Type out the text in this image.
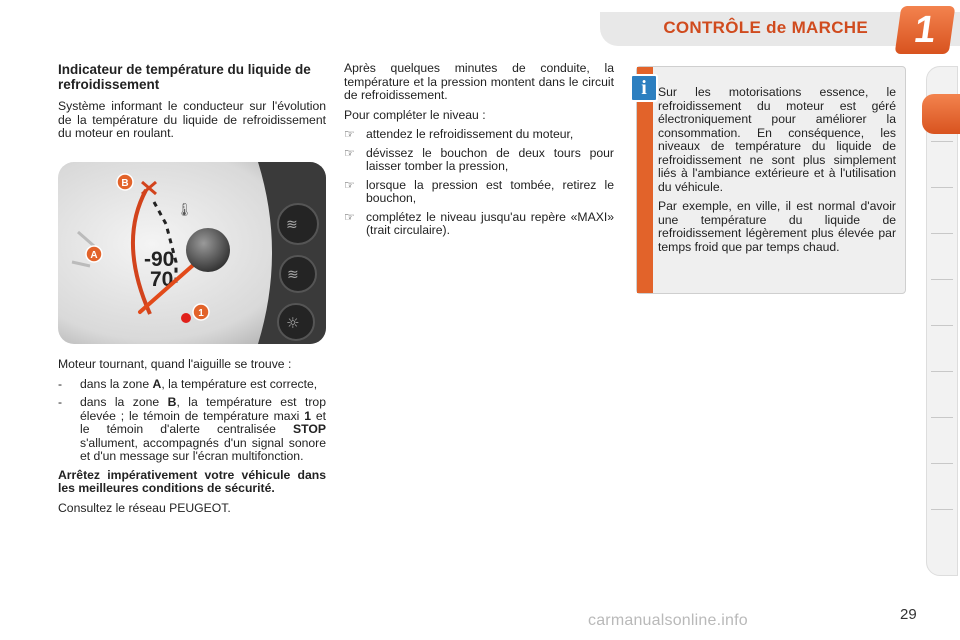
CONTRÔLE de MARCHE	1
Indicateur de température du liquide de refroidissement

Système informant le conducteur sur l'évolution de la température du liquide de refroidissement du moteur en roulant.

≋
≋
☼
🌡
-90
70
B
A
1

Moteur tournant, quand l'aiguille se trouve :

-	dans la zone A, la température est correcte,
-	dans la zone B, la température est trop élevée ; le témoin de température maxi 1 et le témoin d'alerte centralisée STOP s'allument, accompagnés d'un signal sonore et d'un message sur l'écran multifonction.

Arrêtez impérativement votre véhicule dans les meilleures conditions de sécurité.

Consultez le réseau PEUGEOT.

Après quelques minutes de conduite, la température et la pression montent dans le circuit de refroidissement.

Pour compléter le niveau :

☞ attendez le refroidissement du moteur,
☞ dévissez le bouchon de deux tours pour laisser tomber la pression,
☞ lorsque la pression est tombée, retirez le bouchon,
☞ complétez le niveau jusqu'au repère «MAXI» (trait circulaire).
i Sur les motorisations essence, le refroidissement du moteur est géré électroniquement pour améliorer la consommation. En conséquence, les niveaux de température du liquide de refroidissement ne sont plus simplement liés à l'ambiance extérieure et à l'utilisation du véhicule.

Par exemple, en ville, il est normal d'avoir une température du liquide de refroidissement légèrement plus élevée par temps froid que par temps chaud.

carmanualsonline.info	29
